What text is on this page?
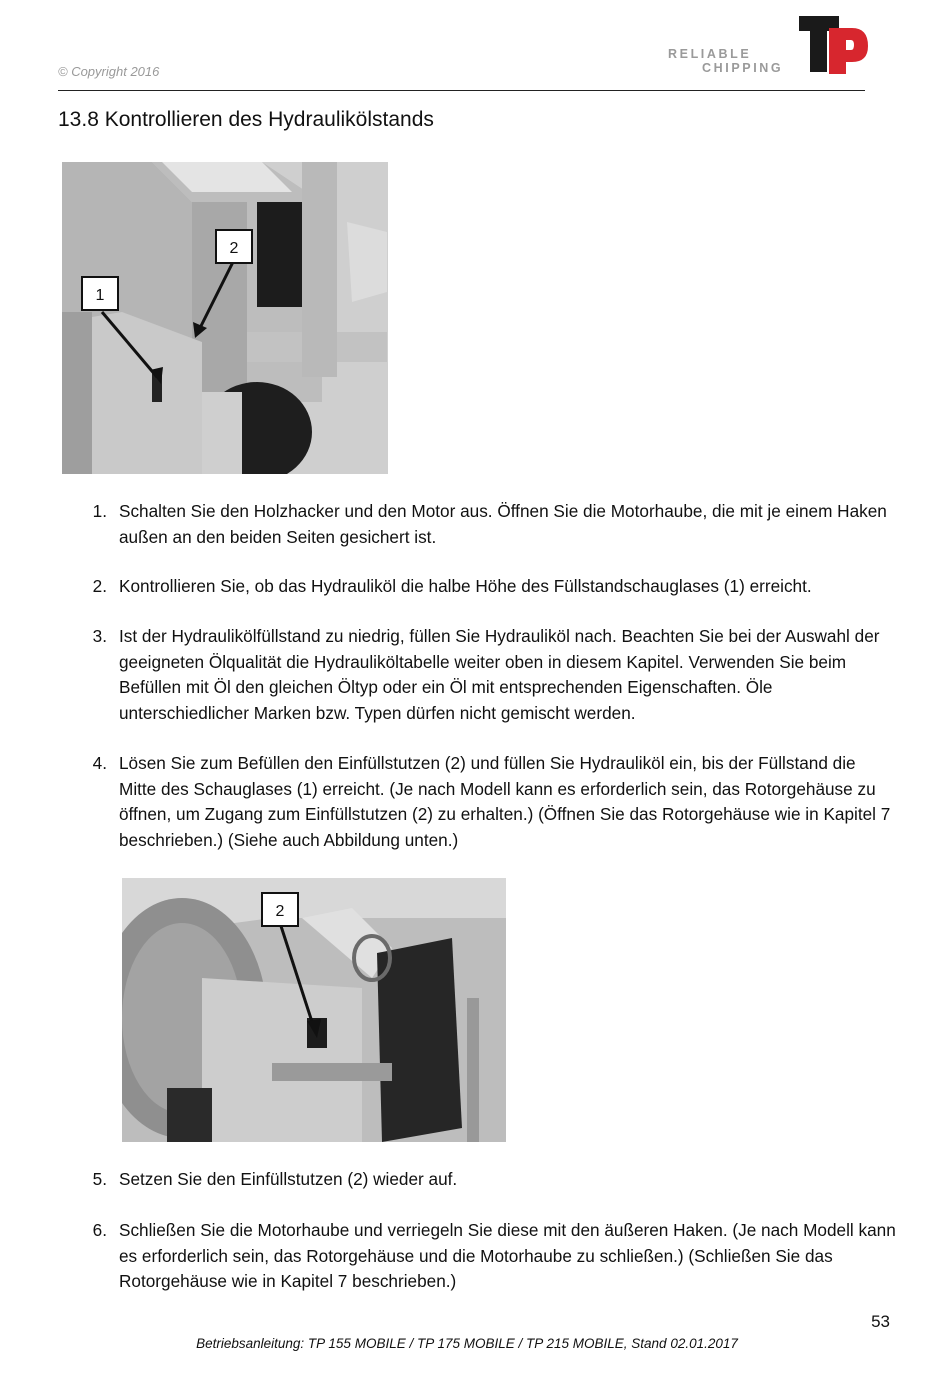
© Copyright 2016
RELIABLE
CHIPPING
13.8 Kontrollieren des Hydraulikölstands
1
2
1. Schalten Sie den Holzhacker und den Motor aus. Öffnen Sie die Motorhaube, die mit je einem Haken außen an den beiden Seiten gesichert ist.
2. Kontrollieren Sie, ob das Hydrauliköl die halbe Höhe des Füllstandschauglases (1) erreicht.
3. Ist der Hydraulikölfüllstand zu niedrig, füllen Sie Hydrauliköl nach. Beachten Sie bei der Auswahl der geeigneten Ölqualität die Hydrauliköltabelle weiter oben in diesem Kapitel. Verwenden Sie beim Befüllen mit Öl den gleichen Öltyp oder ein Öl mit entsprechenden Eigenschaften. Öle unterschiedlicher Marken bzw. Typen dürfen nicht gemischt werden.
4. Lösen Sie zum Befüllen den Einfüllstutzen (2) und füllen Sie Hydrauliköl ein, bis der Füllstand die Mitte des Schauglases (1) erreicht. (Je nach Modell kann es erforderlich sein, das Rotorgehäuse zu öffnen, um Zugang zum Einfüllstutzen (2) zu erhalten.) (Öffnen Sie das Rotorgehäuse wie in Kapitel 7 beschrieben.) (Siehe auch Abbildung unten.)
2
5. Setzen Sie den Einfüllstutzen (2) wieder auf.
6. Schließen Sie die Motorhaube und verriegeln Sie diese mit den äußeren Haken. (Je nach Modell kann es erforderlich sein, das Rotorgehäuse und die Motorhaube zu schließen.) (Schließen Sie das Rotorgehäuse wie in Kapitel 7 beschrieben.)
53
Betriebsanleitung: TP 155 MOBILE / TP 175 MOBILE / TP 215 MOBILE, Stand 02.01.2017
